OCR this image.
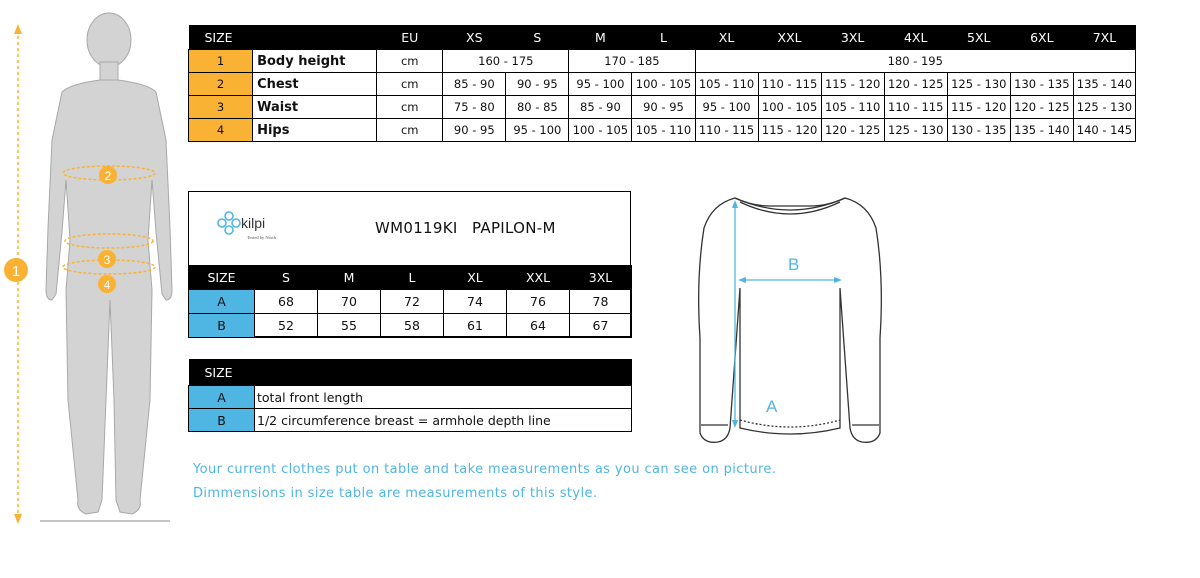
1
2
3
4
SIZE		EU	XS	S	M	L	XL	XXL	3XL	4XL	5XL	6XL	7XL
1	Body height	cm	160 - 175		170 - 185		180 - 195						
2	Chest	cm	85 - 90	90 - 95	95 - 100	100 - 105	105 - 110	110 - 115	115 - 120	120 - 125	125 - 130	130 - 135	135 - 140
3	Waist	cm	75 - 80	80 - 85	85 - 90	90 - 95	95 - 100	100 - 105	105 - 110	110 - 115	115 - 120	120 - 125	125 - 130
4	Hips	cm	90 - 95	95 - 100	100 - 105	105 - 110	110 - 115	115 - 120	120 - 125	125 - 130	130 - 135	135 - 140	140 - 145
kilpi
Tested by North
WM0119KI PAPILON-M
SIZE	S	M	L	XL	XXL	3XL
A	68	70	72	74	76	78
B	52	55	58	61	64	67
SIZE	
A	total front length
B	1/2 circumference breast = armhole depth line
A
B
Your current clothes put on table and take measurements as you can see on picture.
Dimmensions in size table are measurements of this style.
